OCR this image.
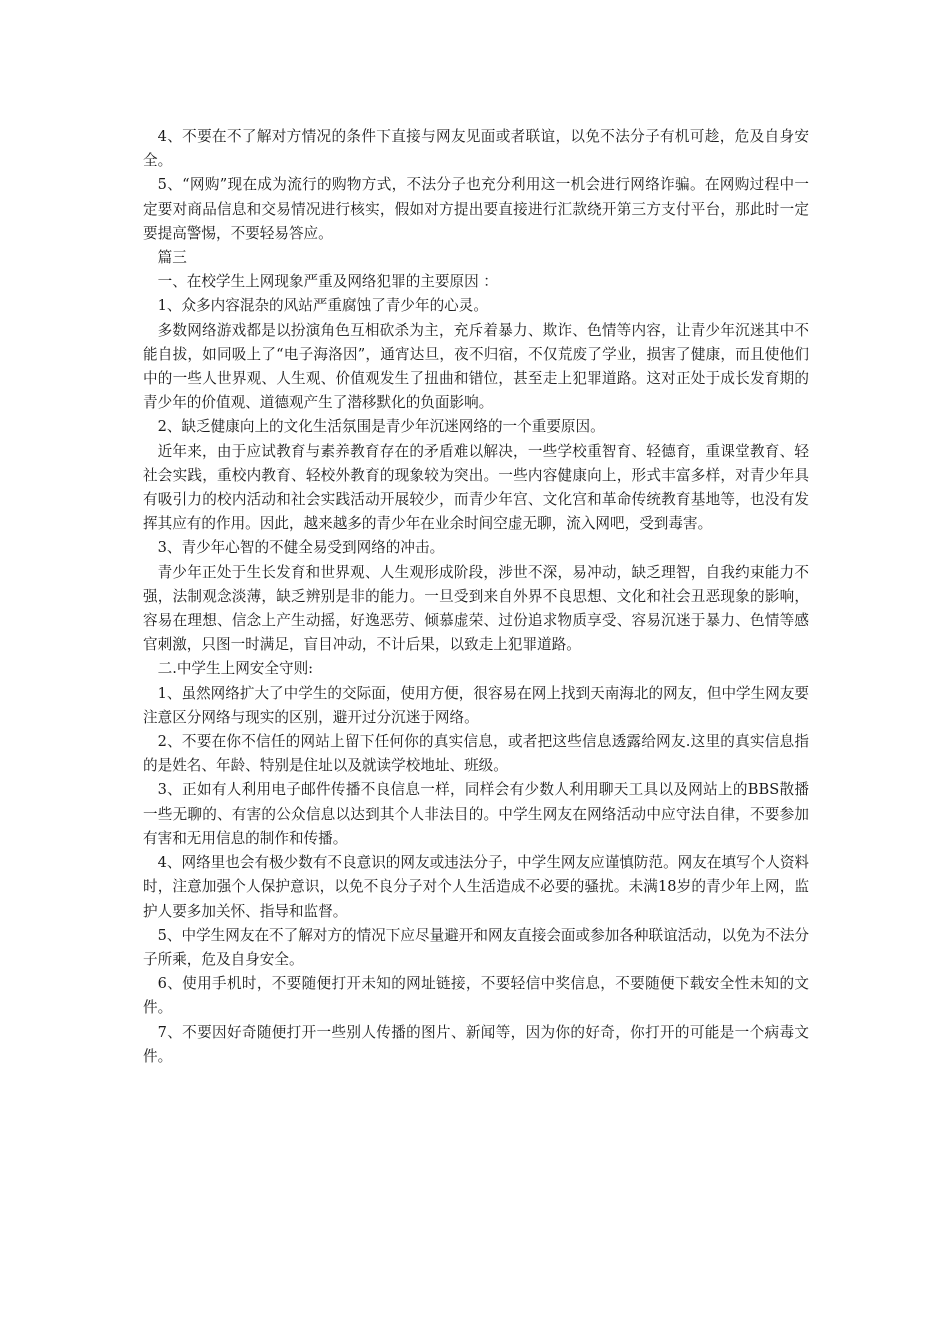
4、不要在不了解对方情况的条件下直接与网友见面或者联谊，以免不法分子有机可趁，危及自身安全。

5、“网购”现在成为流行的购物方式，不法分子也充分利用这一机会进行网络诈骗。在网购过程中一定要对商品信息和交易情况进行核实，假如对方提出要直接进行汇款绕开第三方支付平台，那此时一定要提高警惕，不要轻易答应。

篇三

一、在校学生上网现象严重及网络犯罪的主要原因 ：

1、众多内容混杂的风站严重腐蚀了青少年的心灵。

多数网络游戏都是以扮演角色互相砍杀为主，充斥着暴力、欺诈、色情等内容，让青少年沉迷其中不能自拔，如同吸上了“电子海洛因”，通宵达旦，夜不归宿，不仅荒废了学业，损害了健康，而且使他们中的一些人世界观、人生观、价值观发生了扭曲和错位，甚至走上犯罪道路。这对正处于成长发育期的青少年的价值观、道德观产生了潜移默化的负面影响。

2、缺乏健康向上的文化生活氛围是青少年沉迷网络的一个重要原因。

近年来，由于应试教育与素养教育存在的矛盾难以解决，一些学校重智育、轻德育，重课堂教育、轻社会实践，重校内教育、轻校外教育的现象较为突出。一些内容健康向上，形式丰富多样，对青少年具有吸引力的校内活动和社会实践活动开展较少，而青少年宫、文化宫和革命传统教育基地等，也没有发挥其应有的作用。因此，越来越多的青少年在业余时间空虚无聊，流入网吧，受到毒害。

3、青少年心智的不健全易受到网络的冲击。

青少年正处于生长发育和世界观、人生观形成阶段，涉世不深，易冲动，缺乏理智，自我约束能力不强，法制观念淡薄，缺乏辨别是非的能力。一旦受到来自外界不良思想、文化和社会丑恶现象的影响，容易在理想、信念上产生动摇，好逸恶劳、倾慕虚荣、过份追求物质享受、容易沉迷于暴力、色情等感官刺激，只图一时满足，盲目冲动，不计后果，以致走上犯罪道路。

二.中学生上网安全守则:

1、虽然网络扩大了中学生的交际面，使用方便，很容易在网上找到天南海北的网友，但中学生网友要注意区分网络与现实的区别，避开过分沉迷于网络。

2、不要在你不信任的网站上留下任何你的真实信息，或者把这些信息透露给网友.这里的真实信息指的是姓名、年龄、特别是住址以及就读学校地址、班级。

3、正如有人利用电子邮件传播不良信息一样，同样会有少数人利用聊天工具以及网站上的BBS散播一些无聊的、有害的公众信息以达到其个人非法目的。中学生网友在网络活动中应守法自律，不要参加有害和无用信息的制作和传播。

4、网络里也会有极少数有不良意识的网友或违法分子，中学生网友应谨慎防范。网友在填写个人资料时，注意加强个人保护意识，以免不良分子对个人生活造成不必要的骚扰。未满18岁的青少年上网，监护人要多加关怀、指导和监督。

5、中学生网友在不了解对方的情况下应尽量避开和网友直接会面或参加各种联谊活动，以免为不法分子所乘，危及自身安全。

6、使用手机时，不要随便打开未知的网址链接，不要轻信中奖信息，不要随便下载安全性未知的文件。

7、不要因好奇随便打开一些别人传播的图片、新闻等，因为你的好奇，你打开的可能是一个病毒文件。
